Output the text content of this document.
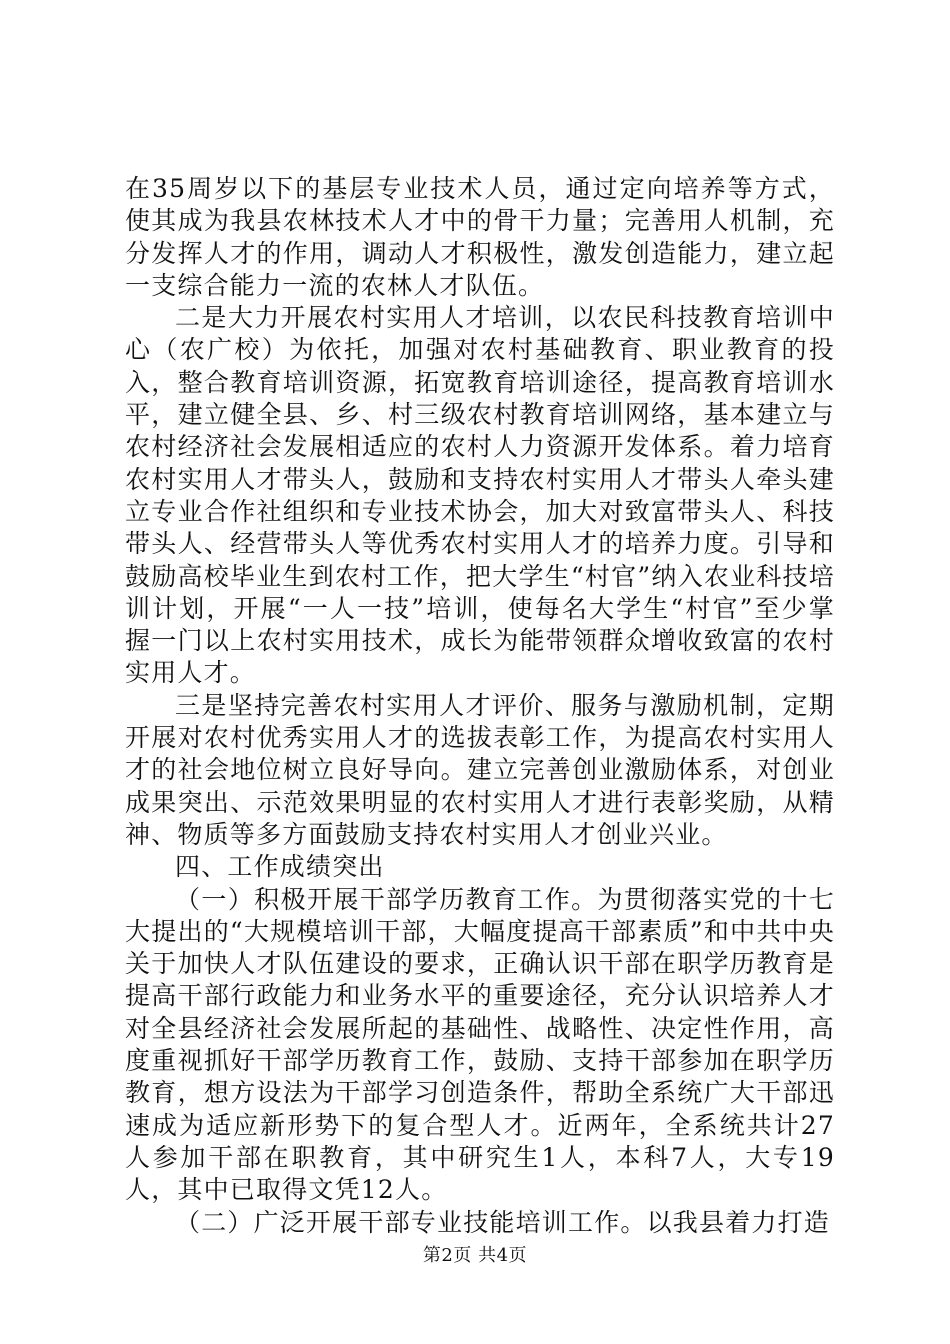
在35周岁以下的基层专业技术人员，通过定向培养等方式，使其成为我县农林技术人才中的骨干力量；完善用人机制，充分发挥人才的作用，调动人才积极性，激发创造能力，建立起一支综合能力一流的农林人才队伍。

二是大力开展农村实用人才培训，以农民科技教育培训中心（农广校）为依托，加强对农村基础教育、职业教育的投入，整合教育培训资源，拓宽教育培训途径，提高教育培训水平，建立健全县、乡、村三级农村教育培训网络，基本建立与农村经济社会发展相适应的农村人力资源开发体系。着力培育农村实用人才带头人，鼓励和支持农村实用人才带头人牵头建立专业合作社组织和专业技术协会，加大对致富带头人、科技带头人、经营带头人等优秀农村实用人才的培养力度。引导和鼓励高校毕业生到农村工作，把大学生“村官”纳入农业科技培训计划，开展“一人一技”培训，使每名大学生“村官”至少掌握一门以上农村实用技术，成长为能带领群众增收致富的农村实用人才。

三是坚持完善农村实用人才评价、服务与激励机制，定期开展对农村优秀实用人才的选拔表彰工作，为提高农村实用人才的社会地位树立良好导向。建立完善创业激励体系，对创业成果突出、示范效果明显的农村实用人才进行表彰奖励，从精神、物质等多方面鼓励支持农村实用人才创业兴业。

四、工作成绩突出

（一）积极开展干部学历教育工作。为贯彻落实党的十七大提出的“大规模培训干部，大幅度提高干部素质”和中共中央关于加快人才队伍建设的要求，正确认识干部在职学历教育是提高干部行政能力和业务水平的重要途径，充分认识培养人才对全县经济社会发展所起的基础性、战略性、决定性作用，高度重视抓好干部学历教育工作，鼓励、支持干部参加在职学历教育，想方设法为干部学习创造条件，帮助全系统广大干部迅速成为适应新形势下的复合型人才。近两年，全系统共计27人参加干部在职教育，其中研究生1人，本科7人，大专19人，其中已取得文凭12人。

（二）广泛开展干部专业技能培训工作。以我县着力打造

第2页 共4页
